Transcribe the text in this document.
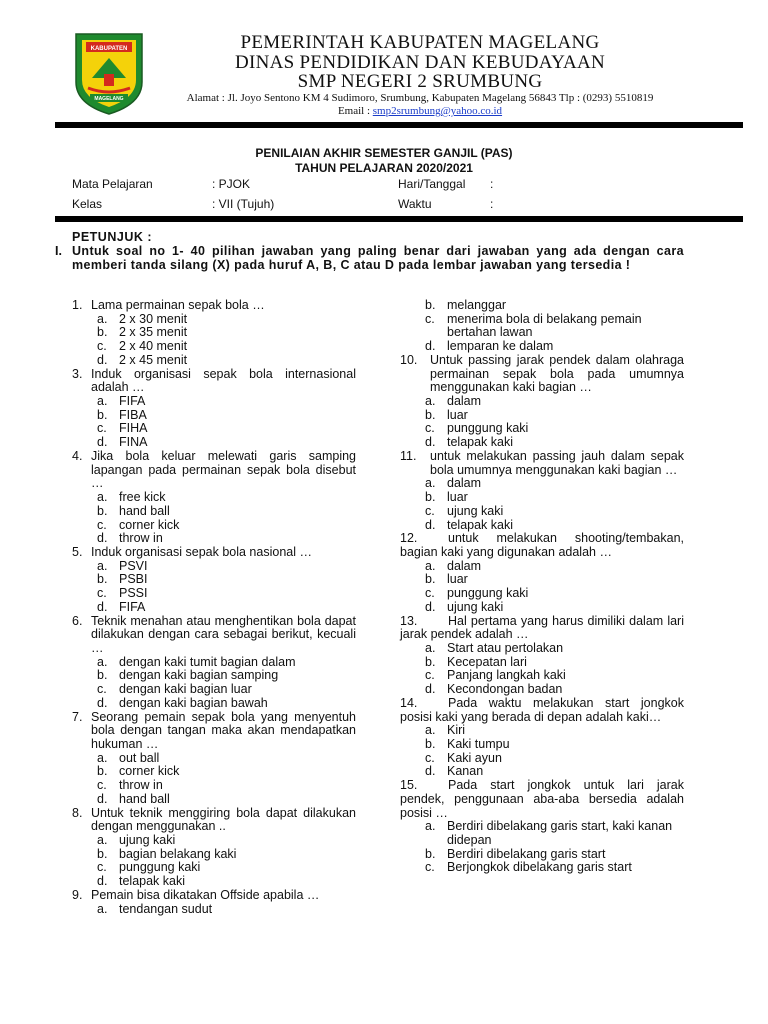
KABUPATEN
MAGELANG
PEMERINTAH KABUPATEN MAGELANG
DINAS PENDIDIKAN DAN KEBUDAYAAN
SMP NEGERI 2 SRUMBUNG
Alamat : Jl. Joyo Sentono KM 4 Sudimoro, Srumbung, Kabupaten Magelang 56843 Tlp : (0293) 5510819
Email : smp2srumbung@yahoo.co.id
PENILAIAN AKHIR SEMESTER GANJIL (PAS)
TAHUN PELAJARAN 2020/2021
Mata Pelajaran	: PJOK	Hari/Tanggal :
Kelas	: VII (Tujuh)	Waktu	:
PETUNJUK :
I. Untuk soal no 1- 40 pilihan jawaban yang paling benar dari jawaban yang ada dengan cara memberi tanda silang (X) pada huruf A, B, C atau D pada lembar jawaban yang tersedia !
1. Lama permainan sepak bola …
a. 2 x 30 menit
b. 2 x 35 menit
c. 2 x 40 menit
d. 2 x 45 menit
3. Induk organisasi sepak bola internasional adalah …
a. FIFA
b. FIBA
c. FIHA
d. FINA
4. Jika bola keluar melewati garis samping lapangan pada permainan sepak bola disebut …
a. free kick
b. hand ball
c. corner kick
d. throw in
5. Induk organisasi sepak bola nasional …
a. PSVI
b. PSBI
c. PSSI
d. FIFA
6. Teknik menahan atau menghentikan bola dapat dilakukan dengan cara sebagai berikut, kecuali …
a. dengan kaki tumit bagian dalam
b. dengan kaki bagian samping
c. dengan kaki bagian luar
d. dengan kaki bagian bawah
7. Seorang pemain sepak bola yang menyentuh bola dengan tangan maka akan mendapatkan hukuman …
a. out ball
b. corner kick
c. throw in
d. hand ball
8. Untuk teknik menggiring bola dapat dilakukan dengan menggunakan ..
a. ujung kaki
b. bagian belakang kaki
c. punggung kaki
d. telapak kaki
9. Pemain bisa dikatakan Offside apabila …
a. tendangan sudut
b. melanggar
c. menerima bola di belakang pemain bertahan lawan
d. lemparan ke dalam
10. Untuk passing jarak pendek dalam olahraga permainan sepak bola pada umumnya menggunakan kaki bagian …
a. dalam
b. luar
c. punggung kaki
d. telapak kaki
11. untuk melakukan passing jauh dalam sepak bola umumnya menggunakan kaki bagian …
a. dalam
b. luar
c. ujung kaki
d. telapak kaki
12. untuk melakukan shooting/tembakan, bagian kaki yang digunakan adalah …
a. dalam
b. luar
c. punggung kaki
d. ujung kaki
13. Hal pertama yang harus dimiliki dalam lari jarak pendek adalah …
a. Start atau pertolakan
b. Kecepatan lari
c. Panjang langkah kaki
d. Kecondongan badan
14. Pada waktu melakukan start jongkok posisi kaki yang berada di depan adalah kaki…
a. Kiri
b. Kaki tumpu
c. Kaki ayun
d. Kanan
15. Pada start jongkok untuk lari jarak pendek, penggunaan aba-aba bersedia adalah posisi …
a. Berdiri dibelakang garis start, kaki kanan didepan
b. Berdiri dibelakang garis start
c. Berjongkok dibelakang garis start
